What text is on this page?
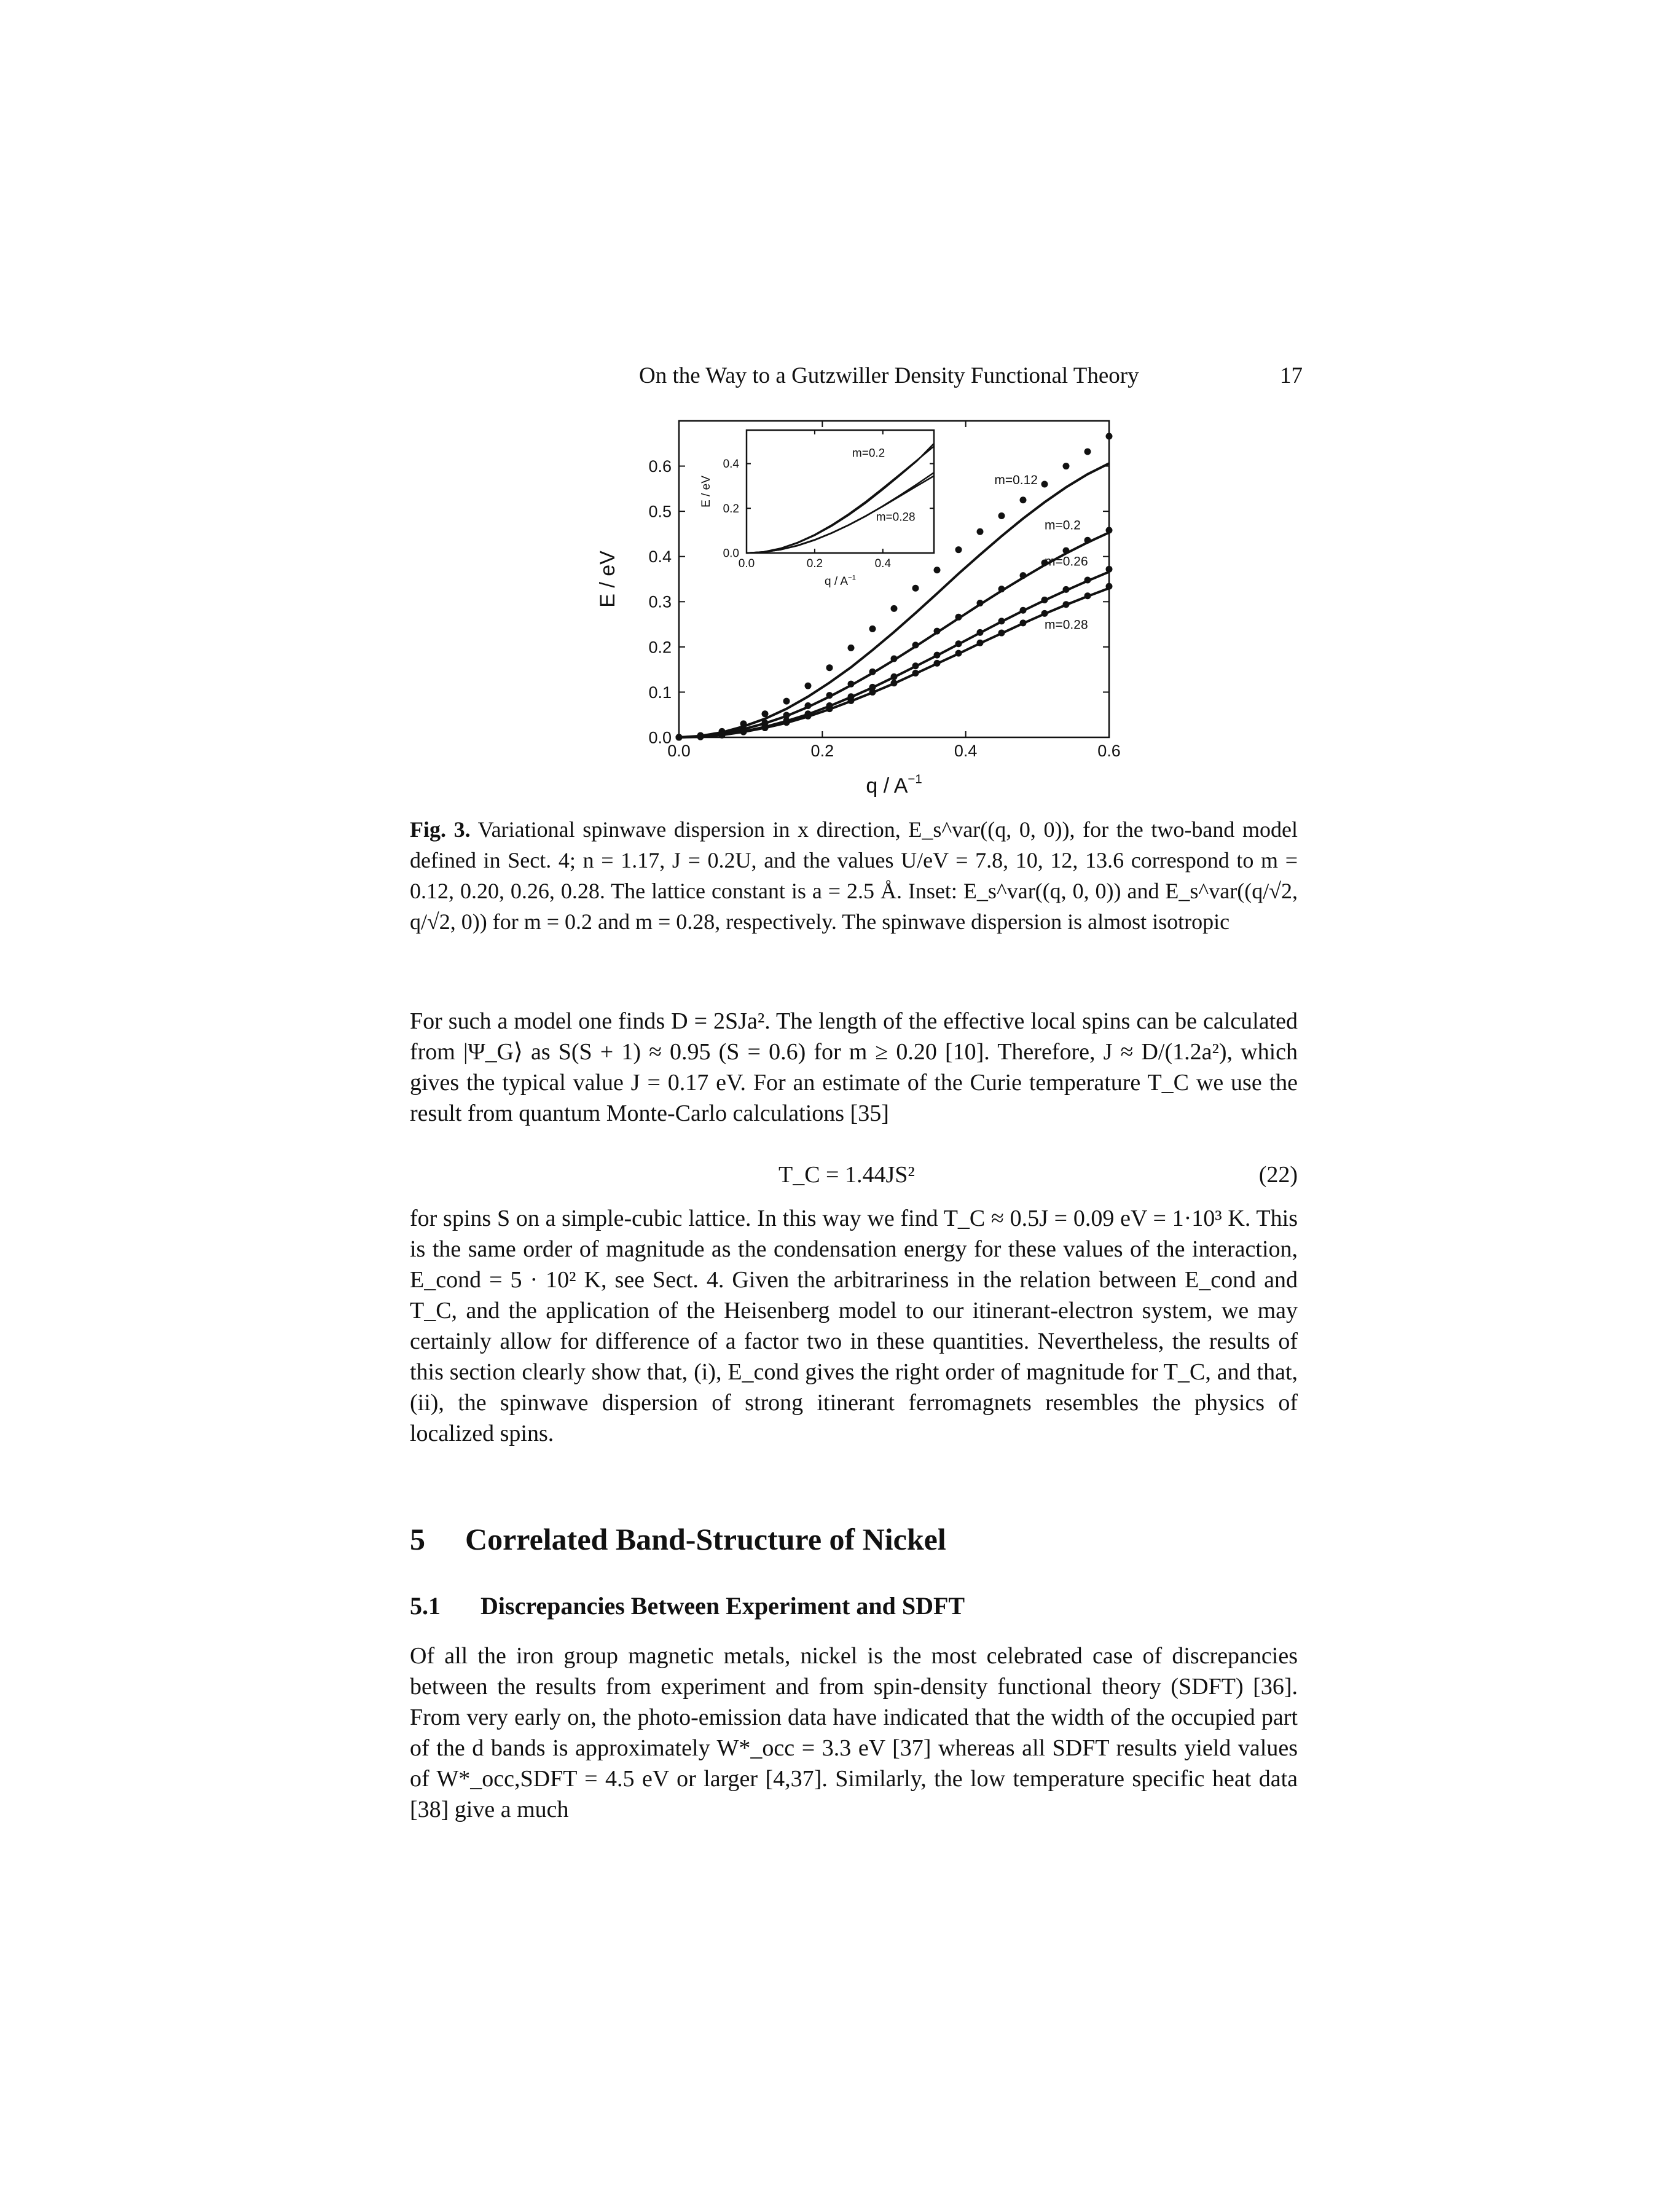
On the Way to a Gutzwiller Density Functional Theory	17
0.0	0.2	0.4	0.6
0.0
0.1
0.2
0.3
0.4
0.5
0.6
q / $A^{-1}$
E / eV
m=0.12
m=0.2
m=0.26
m=0.28
0.0	0.2	0.4
0.0
0.2
0.4
q / $A^{-1}$
E / eV
m=0.2
m=0.28
Fig. 3. Variational spinwave dispersion in x direction, E_s^var((q, 0, 0)), for the two-band model defined in Sect. 4; n = 1.17, J = 0.2U, and the values U/eV = 7.8, 10, 12, 13.6 correspond to m = 0.12, 0.20, 0.26, 0.28. The lattice constant is a = 2.5 Å. Inset: E_s^var((q, 0, 0)) and E_s^var((q/√2, q/√2, 0)) for m = 0.2 and m = 0.28, respectively. The spinwave dispersion is almost isotropic
For such a model one finds D = 2SJa². The length of the effective local spins can be calculated from |Ψ_G⟩ as S(S + 1) ≈ 0.95 (S = 0.6) for m ≥ 0.20 [10]. Therefore, J ≈ D/(1.2a²), which gives the typical value J = 0.17 eV. For an estimate of the Curie temperature T_C we use the result from quantum Monte-Carlo calculations [35]
T_C = 1.44JS²	(22)
for spins S on a simple-cubic lattice. In this way we find T_C ≈ 0.5J = 0.09 eV = 1·10³ K. This is the same order of magnitude as the condensation energy for these values of the interaction, E_cond = 5 · 10² K, see Sect. 4. Given the arbitrariness in the relation between E_cond and T_C, and the application of the Heisenberg model to our itinerant-electron system, we may certainly allow for difference of a factor two in these quantities. Nevertheless, the results of this section clearly show that, (i), E_cond gives the right order of magnitude for T_C, and that, (ii), the spinwave dispersion of strong itinerant ferromagnets resembles the physics of localized spins.
5 Correlated Band-Structure of Nickel
5.1 Discrepancies Between Experiment and SDFT
Of all the iron group magnetic metals, nickel is the most celebrated case of discrepancies between the results from experiment and from spin-density functional theory (SDFT) [36]. From very early on, the photo-emission data have indicated that the width of the occupied part of the d bands is approximately W*_occ = 3.3 eV [37] whereas all SDFT results yield values of W*_occ,SDFT = 4.5 eV or larger [4,37]. Similarly, the low temperature specific heat data [38] give a much
